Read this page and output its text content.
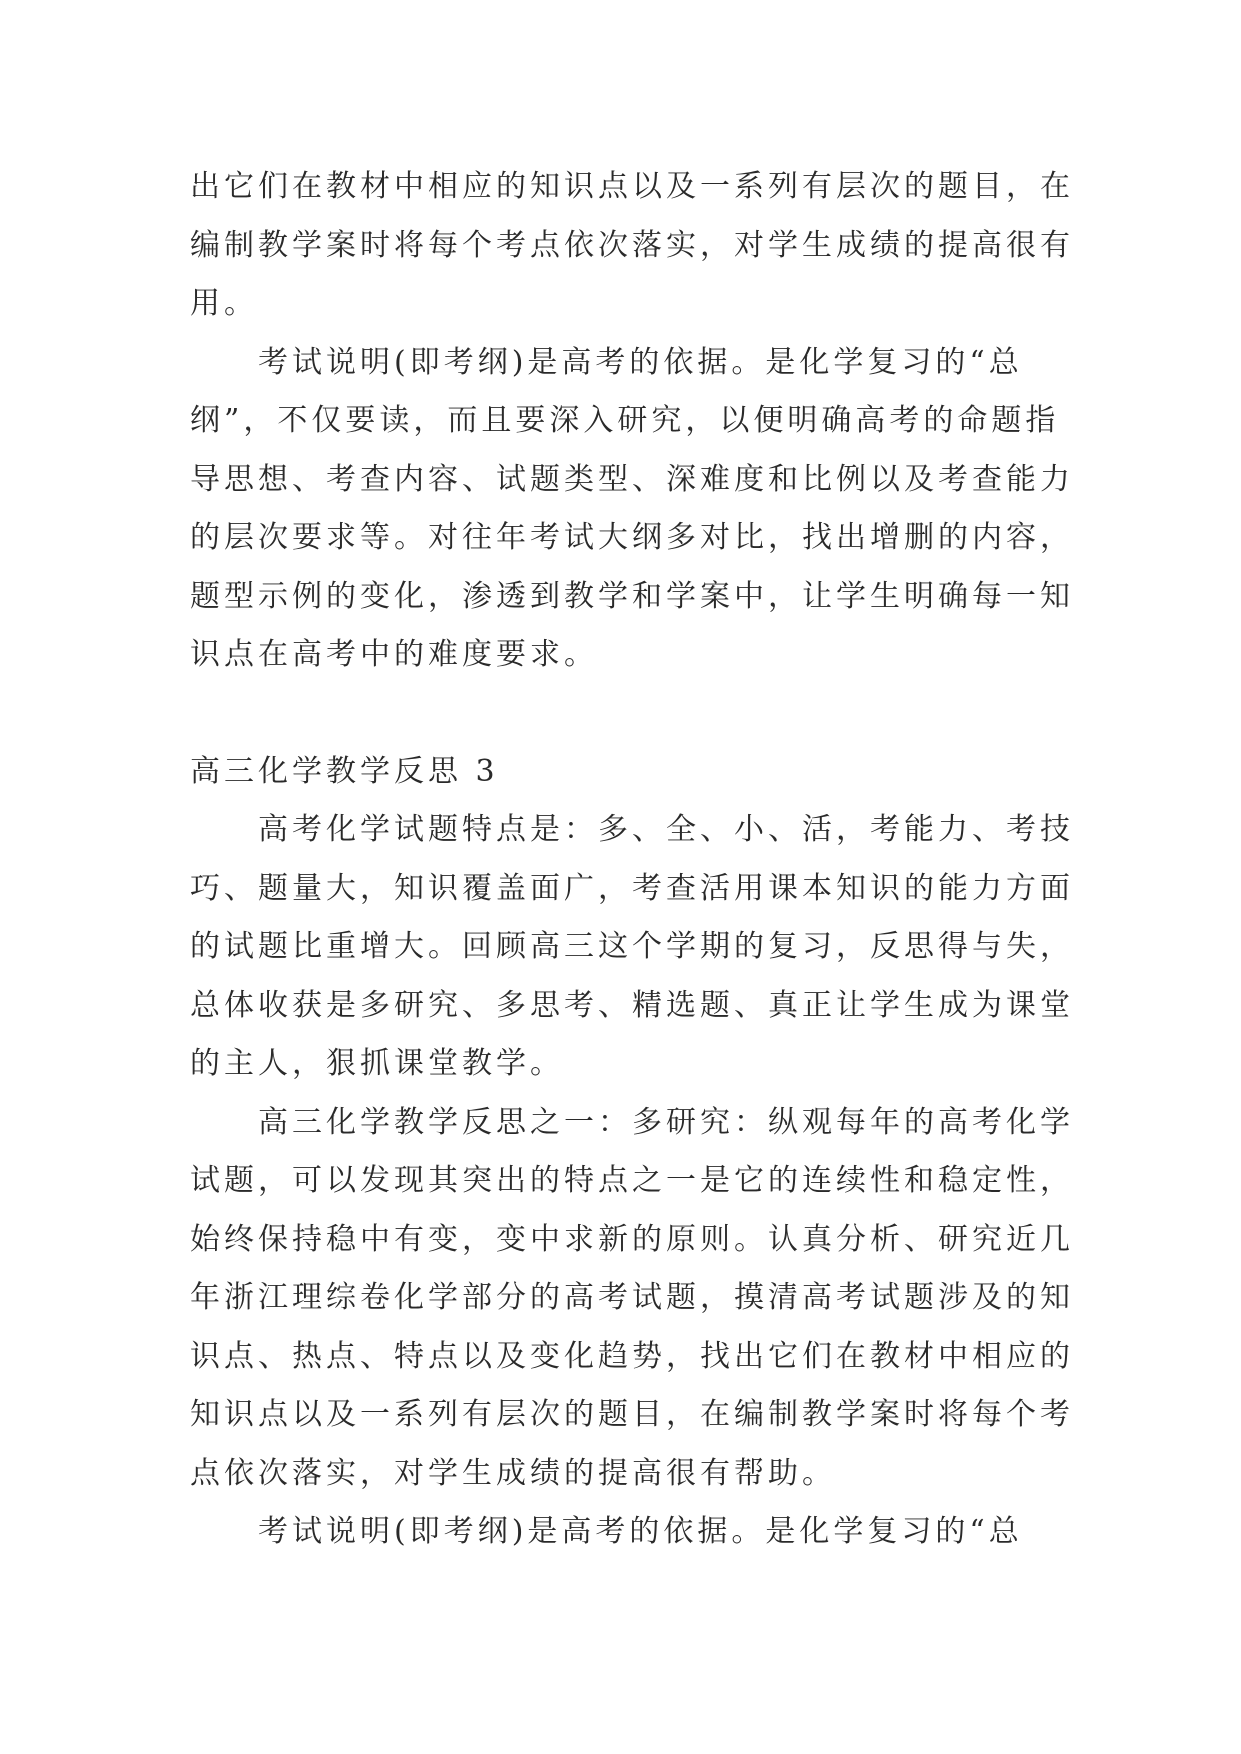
出它们在教材中相应的知识点以及一系列有层次的题目，在
编制教学案时将每个考点依次落实，对学生成绩的提高很有
用。
考试说明(即考纲)是高考的依据。是化学复习的“总
纲”，不仅要读，而且要深入研究，以便明确高考的命题指
导思想、考查内容、试题类型、深难度和比例以及考查能力
的层次要求等。对往年考试大纲多对比，找出增删的内容，
题型示例的变化，渗透到教学和学案中，让学生明确每一知
识点在高考中的难度要求。
高三化学教学反思 3
高考化学试题特点是：多、全、小、活，考能力、考技
巧、题量大，知识覆盖面广，考查活用课本知识的能力方面
的试题比重增大。回顾高三这个学期的复习，反思得与失，
总体收获是多研究、多思考、精选题、真正让学生成为课堂
的主人，狠抓课堂教学。
高三化学教学反思之一：多研究：纵观每年的高考化学
试题，可以发现其突出的特点之一是它的连续性和稳定性，
始终保持稳中有变，变中求新的原则。认真分析、研究近几
年浙江理综卷化学部分的高考试题，摸清高考试题涉及的知
识点、热点、特点以及变化趋势，找出它们在教材中相应的
知识点以及一系列有层次的题目，在编制教学案时将每个考
点依次落实，对学生成绩的提高很有帮助。
考试说明(即考纲)是高考的依据。是化学复习的“总
